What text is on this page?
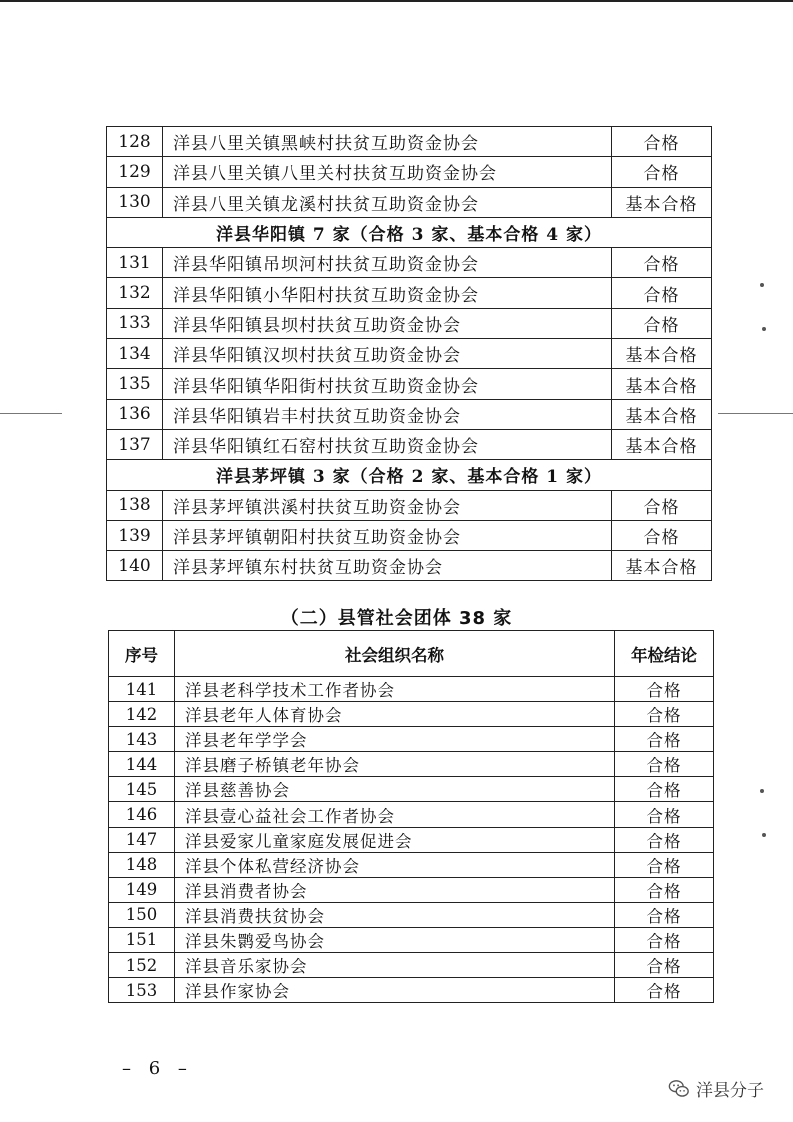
128	洋县八里关镇黑峡村扶贫互助资金协会	合格
129	洋县八里关镇八里关村扶贫互助资金协会	合格
130	洋县八里关镇龙溪村扶贫互助资金协会	基本合格
洋县华阳镇 7 家（合格 3 家、基本合格 4 家）		
131	洋县华阳镇吊坝河村扶贫互助资金协会	合格
132	洋县华阳镇小华阳村扶贫互助资金协会	合格
133	洋县华阳镇县坝村扶贫互助资金协会	合格
134	洋县华阳镇汉坝村扶贫互助资金协会	基本合格
135	洋县华阳镇华阳街村扶贫互助资金协会	基本合格
136	洋县华阳镇岩丰村扶贫互助资金协会	基本合格
137	洋县华阳镇红石窑村扶贫互助资金协会	基本合格
洋县茅坪镇 3 家（合格 2 家、基本合格 1 家）		
138	洋县茅坪镇洪溪村扶贫互助资金协会	合格
139	洋县茅坪镇朝阳村扶贫互助资金协会	合格
140	洋县茅坪镇东村扶贫互助资金协会	基本合格
（二）县管社会团体 38 家
序号	社会组织名称	年检结论
141	洋县老科学技术工作者协会	合格
142	洋县老年人体育协会	合格
143	洋县老年学学会	合格
144	洋县磨子桥镇老年协会	合格
145	洋县慈善协会	合格
146	洋县壹心益社会工作者协会	合格
147	洋县爱家儿童家庭发展促进会	合格
148	洋县个体私营经济协会	合格
149	洋县消费者协会	合格
150	洋县消费扶贫协会	合格
151	洋县朱鹮爱鸟协会	合格
152	洋县音乐家协会	合格
153	洋县作家协会	合格
– 6 –
洋县分子
